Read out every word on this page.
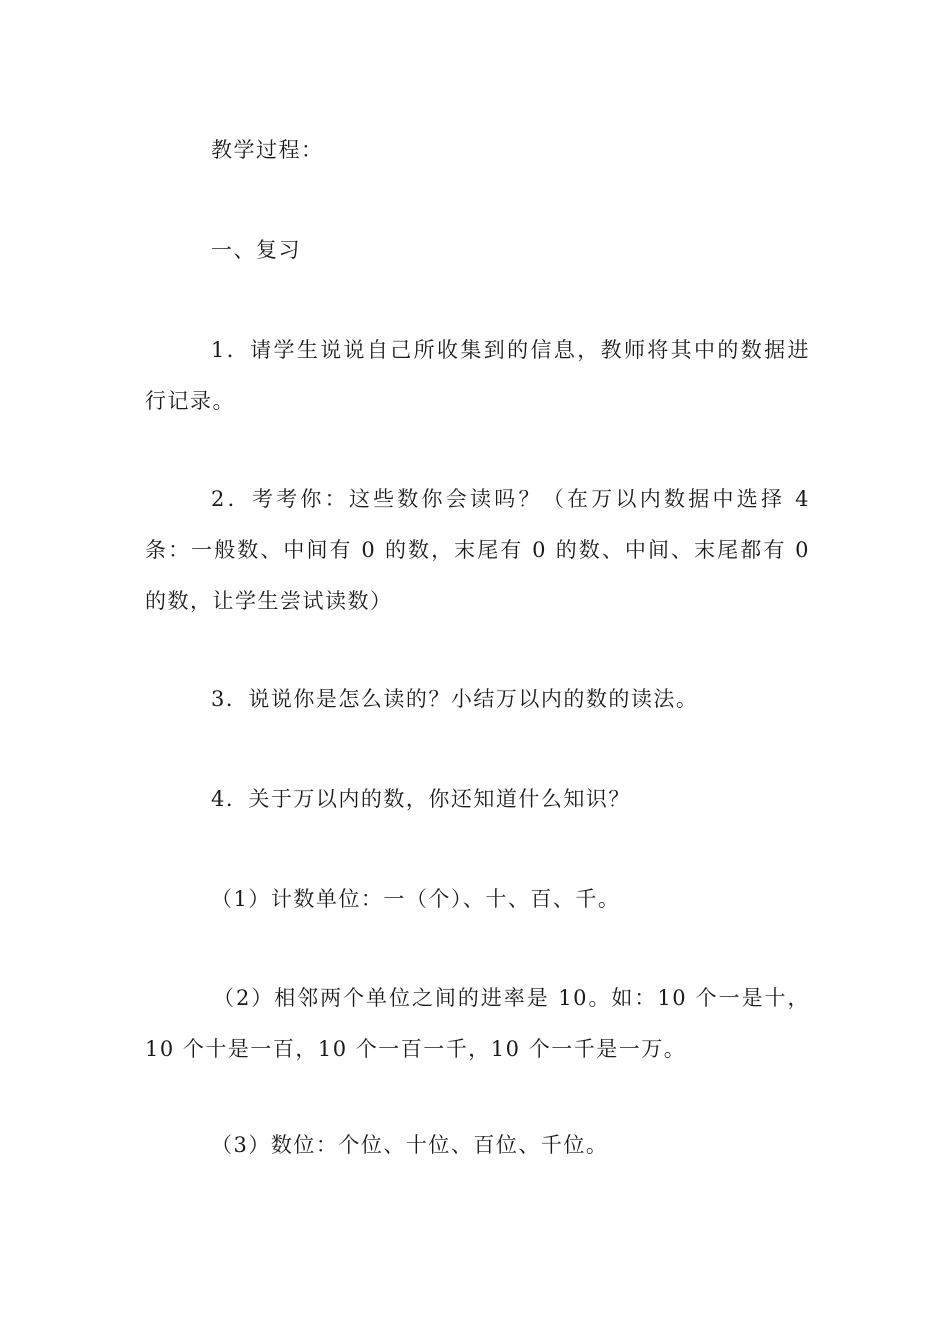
教学过程：

一、复习

1．请学生说说自己所收集到的信息，教师将其中的数据进行记录。

2．考考你：这些数你会读吗？（在万以内数据中选择 4 条：一般数、中间有 0 的数，末尾有 0 的数、中间、末尾都有 0 的数，让学生尝试读数）

3．说说你是怎么读的？小结万以内的数的读法。

4．关于万以内的数，你还知道什么知识？

（1）计数单位：一（个）、十、百、千。

（2）相邻两个单位之间的进率是 10。如：10 个一是十，10 个十是一百，10 个一百一千，10 个一千是一万。

（3）数位：个位、十位、百位、千位。
